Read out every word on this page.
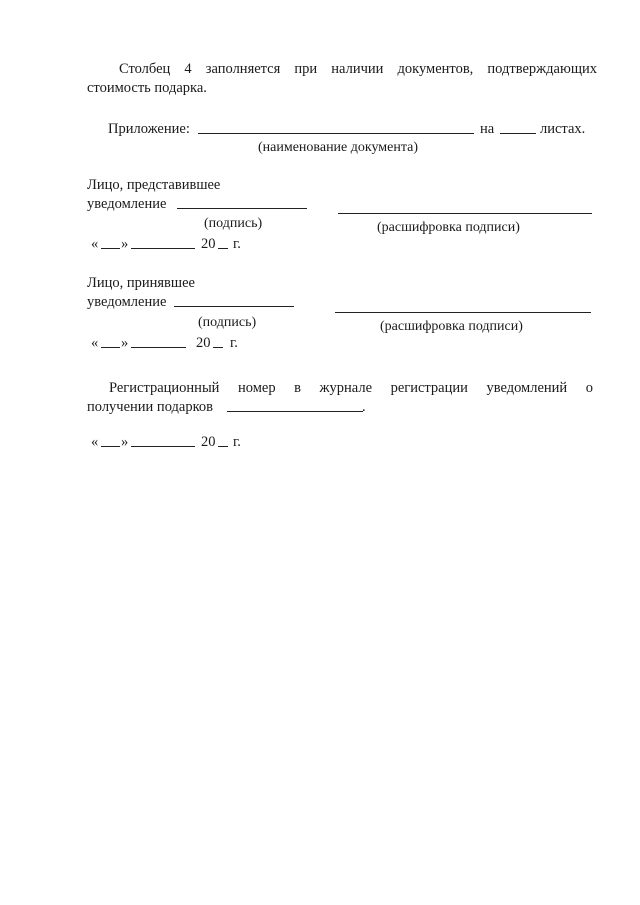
Столбец 4 заполняется при наличии документов, подтверждающих
стоимость подарка.
Приложение:	на	листах.
(наименование документа)
Лицо, представившее
уведомление
(подпись)	(расшифровка подписи)
« »	20 г.
Лицо, принявшее
уведомление
(подпись)	(расшифровка подписи)
« »	20 г.
Регистрационный номер в журнале регистрации уведомлений о
получении подарков	.
« »	20 г.
